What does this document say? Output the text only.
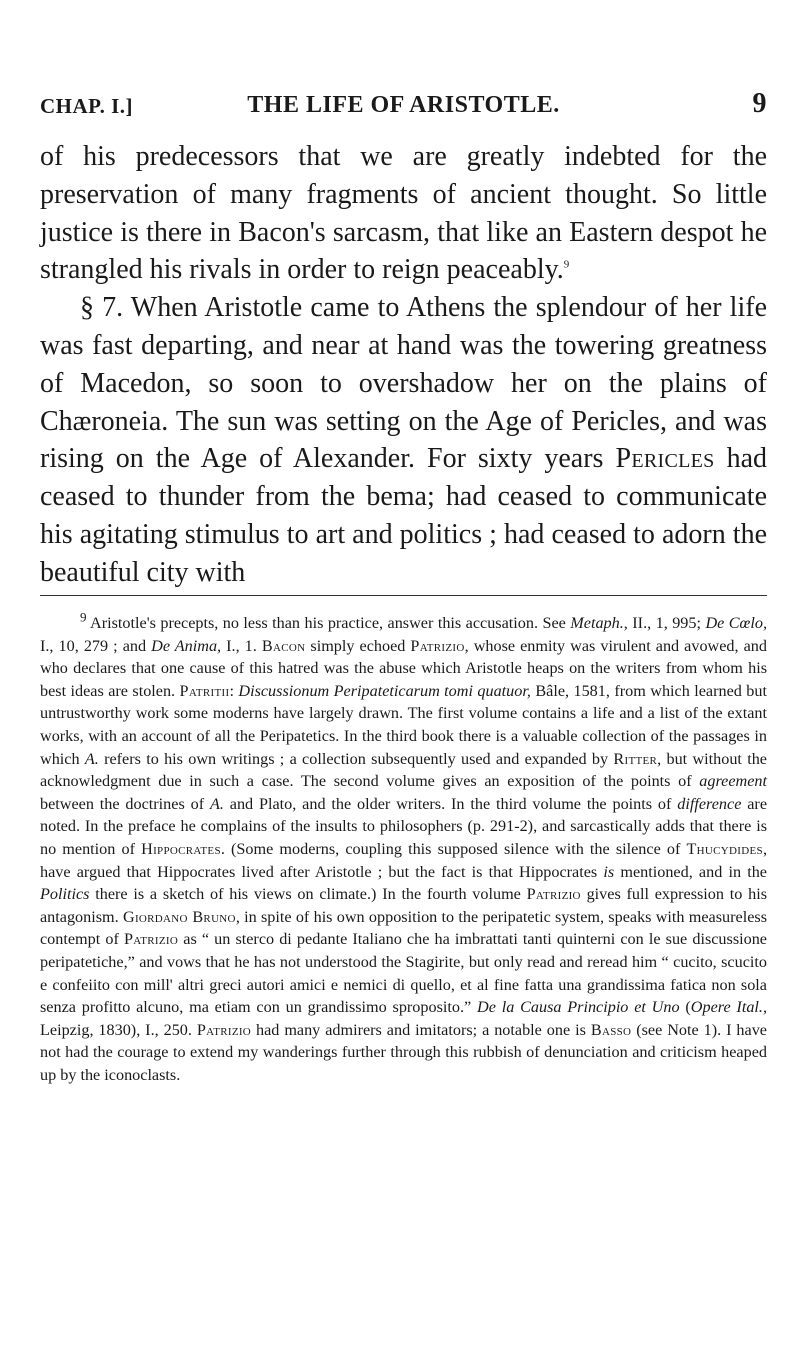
CHAP. I.]	THE LIFE OF ARISTOTLE.	9

of his predecessors that we are greatly indebted for the preservation of many fragments of ancient thought. So little justice is there in Bacon's sarcasm, that like an Eastern despot he strangled his rivals in order to reign peaceably.$^9$

§ 7. When Aristotle came to Athens the splendour of her life was fast departing, and near at hand was the towering greatness of Macedon, so soon to overshadow her on the plains of Chæroneia. The sun was setting on the Age of Pericles, and was rising on the Age of Alexander. For sixty years Pericles had ceased to thunder from the bema; had ceased to communicate his agitating stimulus to art and politics ; had ceased to adorn the beautiful city with

$^9$ Aristotle's precepts, no less than his practice, answer this accusation. See Metaph., II., 1, 995; De Cœlo, I., 10, 279 ; and De Anima, I., 1. Bacon simply echoed Patrizio, whose enmity was virulent and avowed, and who declares that one cause of this hatred was the abuse which Aristotle heaps on the writers from whom his best ideas are stolen. Patritii: Discussionum Peripateticarum tomi quatuor, Bâle, 1581, from which learned but untrustworthy work some moderns have largely drawn. The first volume contains a life and a list of the extant works, with an account of all the Peripatetics. In the third book there is a valuable collection of the passages in which A. refers to his own writings ; a collection subsequently used and expanded by Ritter, but without the acknowledgment due in such a case. The second volume gives an exposition of the points of agreement between the doctrines of A. and Plato, and the older writers. In the third volume the points of difference are noted. In the preface he complains of the insults to philosophers (p. 291-2), and sarcastically adds that there is no mention of Hippocrates. (Some moderns, coupling this supposed silence with the silence of Thucydides, have argued that Hippocrates lived after Aristotle ; but the fact is that Hippocrates is mentioned, and in the Politics there is a sketch of his views on climate.) In the fourth volume Patrizio gives full expression to his antagonism. Giordano Bruno, in spite of his own opposition to the peripatetic system, speaks with measureless contempt of Patrizio as “ un sterco di pedante Italiano che ha imbrattati tanti quinterni con le sue discussione peripatetiche,” and vows that he has not understood the Stagirite, but only read and reread him “ cucito, scucito e confeiito con mill' altri greci autori amici e nemici di quello, et al fine fatta una grandissima fatica non sola senza profitto alcuno, ma etiam con un grandissimo sproposito.” De la Causa Principio et Uno (Opere Ital., Leipzig, 1830), I., 250. Patrizio had many admirers and imitators; a notable one is Basso (see Note 1). I have not had the courage to extend my wanderings further through this rubbish of denunciation and criticism heaped up by the iconoclasts.
